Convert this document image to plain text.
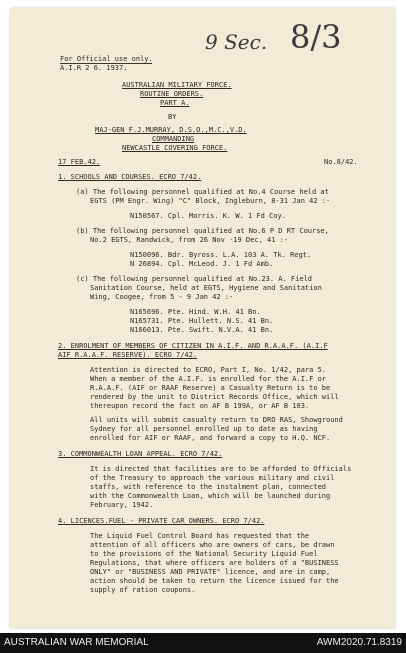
9 Sec. 8/3
For Official use only.
A.I.R 2 6. 1937.
AUSTRALIAN MILITARY FORCE.
ROUTINE ORDERS.
PART A.
BY
MAJ-GEN F.J.MURRAY, D.S.O.,M.C.,V.D.
COMMANDING
NEWCASTLE COVERING FORCE.
17 FEB.42.	No.8/42.
1. SCHOOLS AND COURSES. ECRO 7/42.
(a) The following personnel qualified at No.4 Course held at
EGTS (PM Engr. Wing) "C" Block, Ingleburn, 8-31 Jan 42 :-
N150567. Cpl. Morris. K. W. 1 Fd Coy.
(b) The following personnel qualified at No.6 P D RT Course,
No.2 EGTS, Randwick, from 26 Nov -19 Dec, 41 :-
N150096. Bdr. Byross. L.A. 103 A. Tk. Regt.
N 26894. Cpl. McLeod. J. 1 Fd Amb.
(c) The following personnel qualified at No.23. A. Field
Sanitation Course, held at EGTS, Hygiene and Sanitation
Wing, Coogee, from 5 - 9 Jan 42 :-
N165696. Pte. Hind. W.H. 41 Bn.
N165731. Pte. Hullett. N.S. 41 Bn.
N166013. Pte. Swift. N.V.A. 41 Bn.
2. ENROLMENT OF MEMBERS OF CITIZEN IN A.I.F. AND R.A.A.F. (A.I.F
AIF R.A.A.F. RESERVE). ECRO 7/42.
Attention is directed to ECRO, Part I, No. 1/42, para 5.
When a member of the A.I.F. is enrolled for the A.I.F or
R.A.A.F. (AIF or RAAF Reserve) a Casualty Return is to be
rendered by the unit to District Records Office, which will
thereupon record the fact on AF B 199A, or AF B 103.
All units will submit casualty return to DRO RAS, Showground
Sydney for all personnel enrolled up to date as having
enrolled for AIF or RAAF, and forward a copy to H.Q. NCF.
3. COMMONWEALTH LOAN APPEAL. ECRO 7/42.
It is directed that facilities are to be afforded to Officials
of the Treasury to approach the various military and civil
staffs, with reference to the instalment plan, connected
with the Commonwealth Loan, which will be launched during
February, 1942.
4. LICENCES.FUEL - PRIVATE CAR OWNERS. ECRO 7/42.
The Liquid Fuel Control Board has requested that the
attention of all officers who are owners of cars, be drawn
to the provisions of the National Security Liquid Fuel
Regulations, that where officers are holders of a "BUSINESS
ONLY" or "BUSINESS AND PRIVATE" licence, and are in camp,
action should be taken to return the licence issued for the
supply of ration coupons.
AUSTRALIAN WAR MEMORIAL	AWM2020.71.8319
